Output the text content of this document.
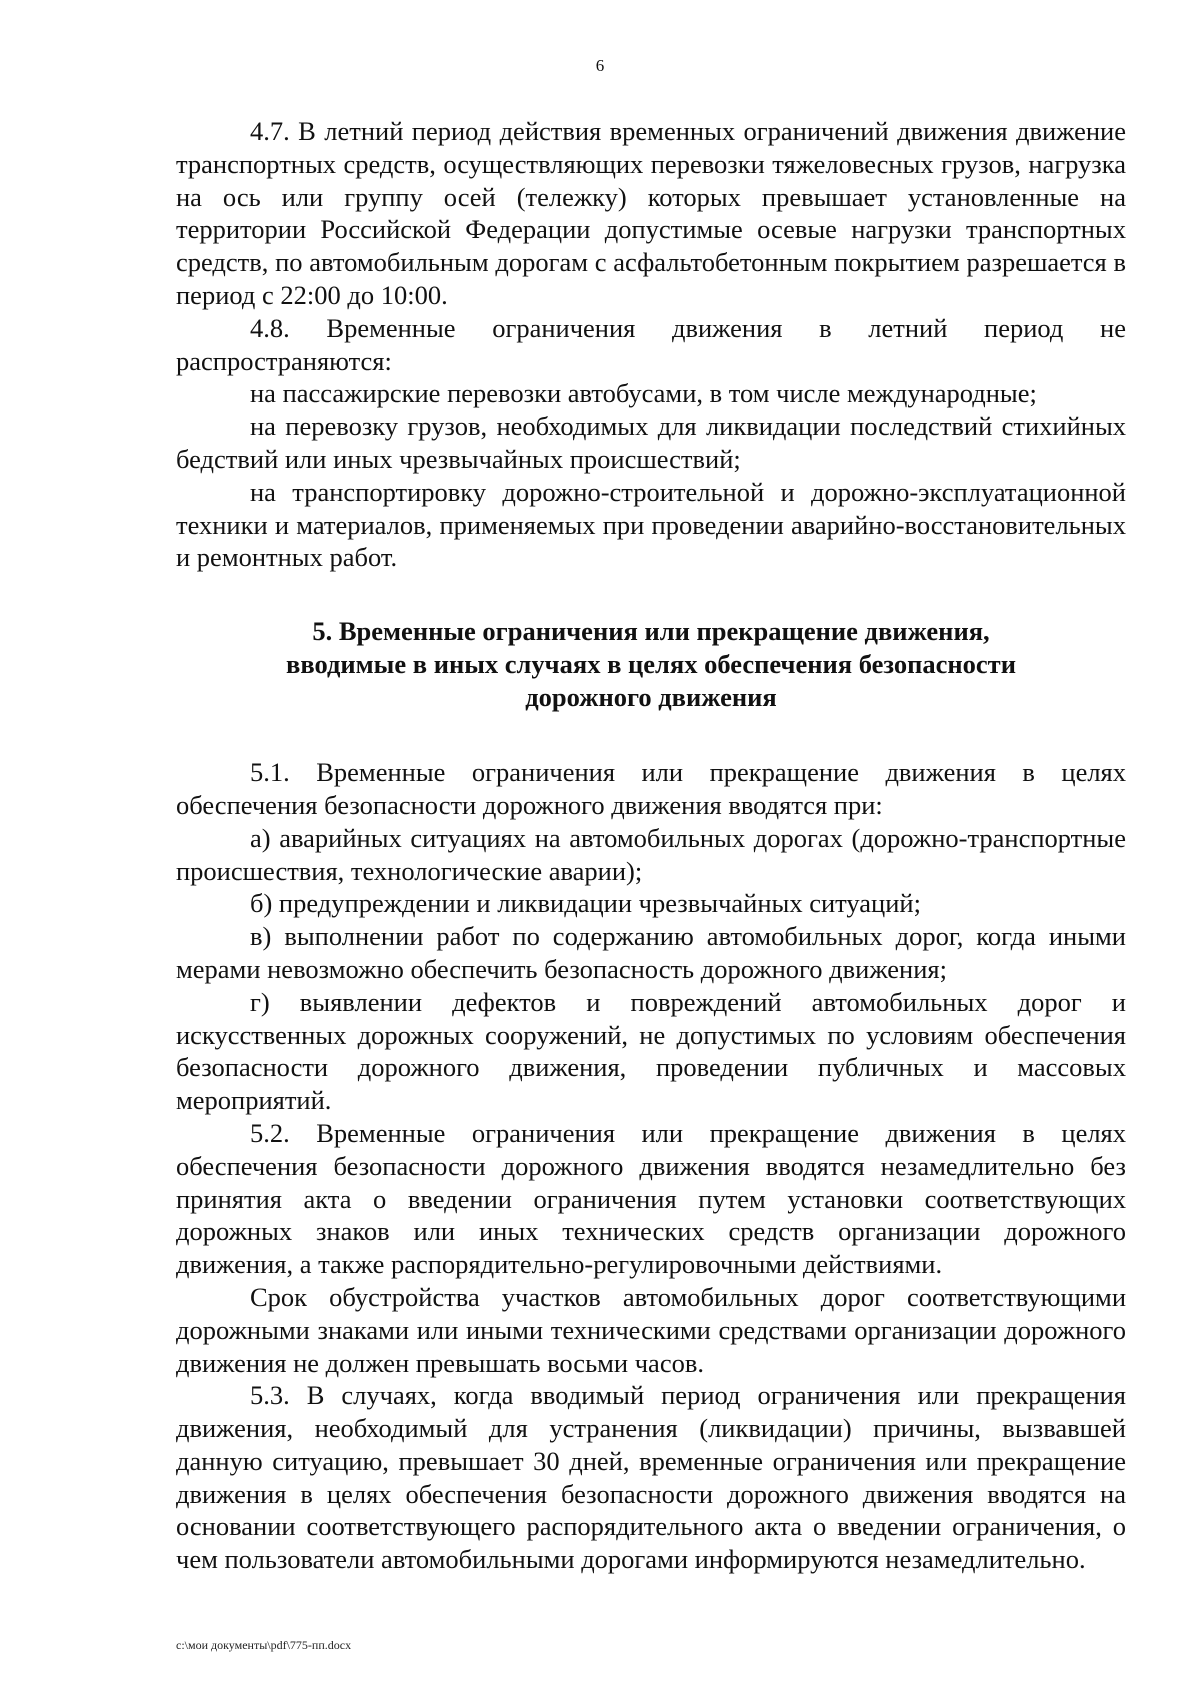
6

4.7. В летний период действия временных ограничений движения движение транспортных средств, осуществляющих перевозки тяжеловесных грузов, нагрузка на ось или группу осей (тележку) которых превышает установленные на территории Российской Федерации допустимые осевые нагрузки транспортных средств, по автомобильным дорогам с асфальтобетонным покрытием разрешается в период с 22:00 до 10:00.

4.8. Временные ограничения движения в летний период не распространяются:

на пассажирские перевозки автобусами, в том числе международные;

на перевозку грузов, необходимых для ликвидации последствий стихийных бедствий или иных чрезвычайных происшествий;

на транспортировку дорожно-строительной и дорожно-эксплуатационной техники и материалов, применяемых при проведении аварийно-восстановительных и ремонтных работ.

5. Временные ограничения или прекращение движения,
вводимые в иных случаях в целях обеспечения безопасности
дорожного движения

5.1. Временные ограничения или прекращение движения в целях обеспечения безопасности дорожного движения вводятся при:

а) аварийных ситуациях на автомобильных дорогах (дорожно-транспортные происшествия, технологические аварии);

б) предупреждении и ликвидации чрезвычайных ситуаций;

в) выполнении работ по содержанию автомобильных дорог, когда иными мерами невозможно обеспечить безопасность дорожного движения;

г) выявлении дефектов и повреждений автомобильных дорог и искусственных дорожных сооружений, не допустимых по условиям обеспечения безопасности дорожного движения, проведении публичных и массовых мероприятий.

5.2. Временные ограничения или прекращение движения в целях обеспечения безопасности дорожного движения вводятся незамедлительно без принятия акта о введении ограничения путем установки соответствующих дорожных знаков или иных технических средств организации дорожного движения, а также распорядительно-регулировочными действиями.

Срок обустройства участков автомобильных дорог соответствующими дорожными знаками или иными техническими средствами организации дорожного движения не должен превышать восьми часов.

5.3. В случаях, когда вводимый период ограничения или прекращения движения, необходимый для устранения (ликвидации) причины, вызвавшей данную ситуацию, превышает 30 дней, временные ограничения или прекращение движения в целях обеспечения безопасности дорожного движения вводятся на основании соответствующего распорядительного акта о введении ограничения, о чем пользователи автомобильными дорогами информируются незамедлительно.

c:\мои документы\pdf\775-пп.docx
